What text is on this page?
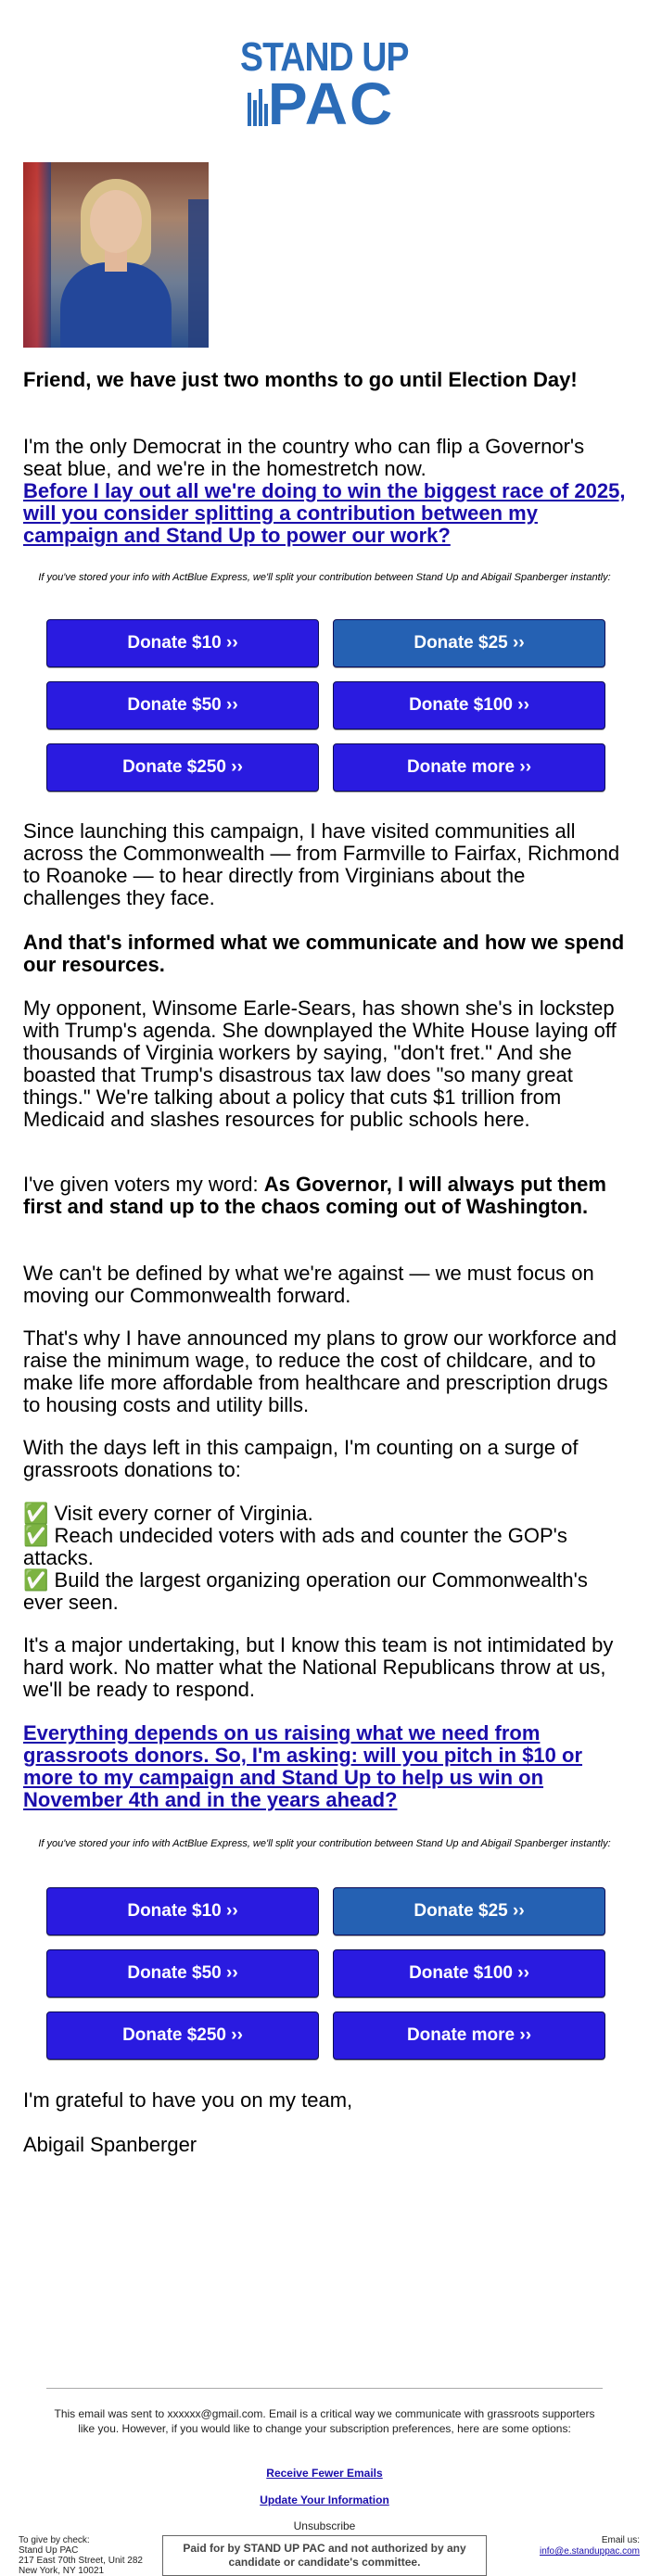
STAND UP
PAC

Friend, we have just two months to go until Election Day!

I'm the only Democrat in the country who can flip a Governor's seat blue, and we're in the homestretch now.

Before I lay out all we're doing to win the biggest race of 2025, will you consider splitting a contribution between my campaign and Stand Up to power our work?

If you've stored your info with ActBlue Express, we'll split your contribution between Stand Up and Abigail Spanberger instantly:
Donate $10 ››	Donate $25 ››
Donate $50 ››	Donate $100 ››
Donate $250 ››	Donate more ››

Since launching this campaign, I have visited communities all across the Commonwealth — from Farmville to Fairfax, Richmond to Roanoke — to hear directly from Virginians about the challenges they face.

And that's informed what we communicate and how we spend our resources.

My opponent, Winsome Earle-Sears, has shown she's in lockstep with Trump's agenda. She downplayed the White House laying off thousands of Virginia workers by saying, "don't fret." And she boasted that Trump's disastrous tax law does "so many great things." We're talking about a policy that cuts $1 trillion from Medicaid and slashes resources for public schools here.

I've given voters my word: As Governor, I will always put them first and stand up to the chaos coming out of Washington.

We can't be defined by what we're against — we must focus on moving our Commonwealth forward.

That's why I have announced my plans to grow our workforce and raise the minimum wage, to reduce the cost of childcare, and to make life more affordable from healthcare and prescription drugs to housing costs and utility bills.

With the days left in this campaign, I'm counting on a surge of grassroots donations to:

✅ Visit every corner of Virginia.

✅ Reach undecided voters with ads and counter the GOP's attacks.

✅ Build the largest organizing operation our Commonwealth's ever seen.

It's a major undertaking, but I know this team is not intimidated by hard work. No matter what the National Republicans throw at us, we'll be ready to respond.

Everything depends on us raising what we need from grassroots donors. So, I'm asking: will you pitch in $10 or more to my campaign and Stand Up to help us win on November 4th and in the years ahead?

If you've stored your info with ActBlue Express, we'll split your contribution between Stand Up and Abigail Spanberger instantly:
Donate $10 ››	Donate $25 ››
Donate $50 ››	Donate $100 ››
Donate $250 ››	Donate more ››

I'm grateful to have you on my team,

Abigail Spanberger

This email was sent to xxxxxx@gmail.com. Email is a critical way we communicate with grassroots supporters like you. However, if you would like to change your subscription preferences, here are some options:
Receive Fewer Emails
Update Your Information
Unsubscribe
To give by check:
Stand Up PAC
217 East 70th Street, Unit 282
New York, NY 10021
Email us: info@e.standuppac.com
Paid for by STAND UP PAC and not authorized by any candidate or candidate's committee.
